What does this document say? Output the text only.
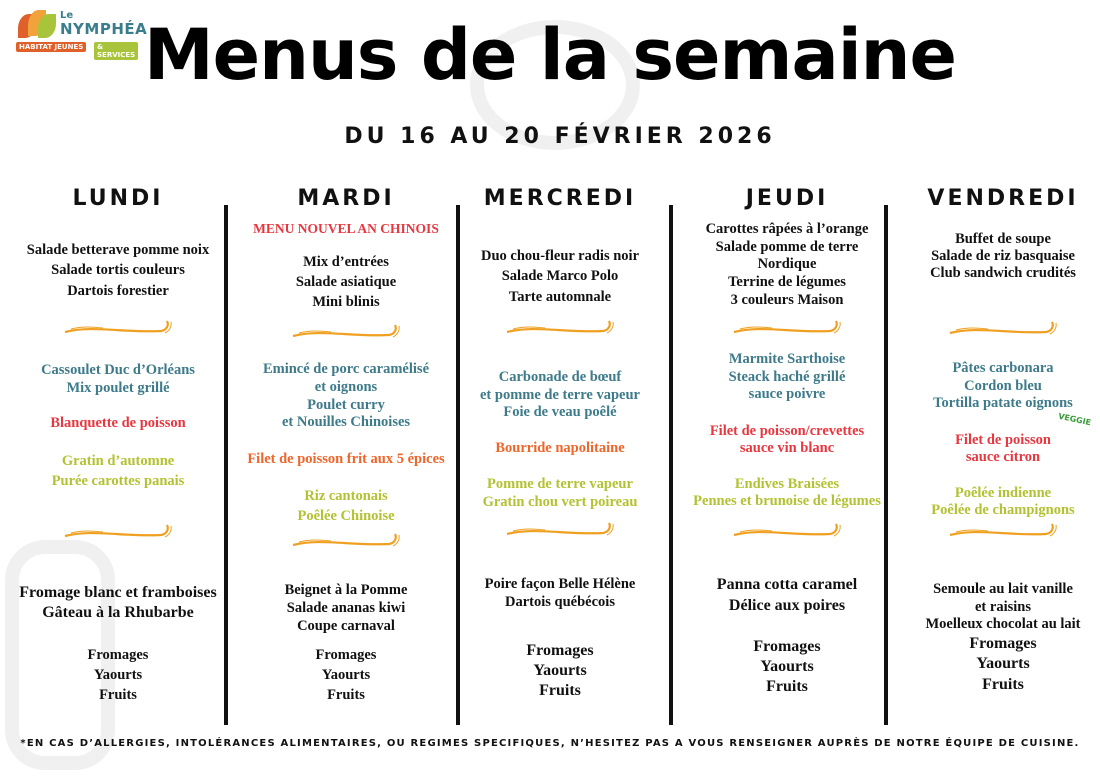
Le
NYMPHÉA
HABITAT JEUNES	& SERVICES Menus de la semaine
DU 16 AU 20 FÉVRIER 2026
LUNDI
Salade betterave pomme noix
Salade tortis couleurs
Dartois forestier
Cassoulet Duc d’Orléans
Mix poulet grillé
Blanquette de poisson
Gratin d’automne
Purée carottes panais
Fromage blanc et framboises
Gâteau à la Rhubarbe
Fromages
Yaourts
Fruits
MARDI
MENU NOUVEL AN CHINOIS
Mix d’entrées
Salade asiatique
Mini blinis
Emincé de porc caramélisé
et oignons
Poulet curry
et Nouilles Chinoises
Filet de poisson frit aux 5 épices
Riz cantonais
Poêlée Chinoise
Beignet à la Pomme
Salade ananas kiwi
Coupe carnaval
Fromages
Yaourts
Fruits
MERCREDI
Duo chou-fleur radis noir
Salade Marco Polo
Tarte automnale
Carbonade de bœuf
et pomme de terre vapeur
Foie de veau poêlé
Bourride napolitaine
Pomme de terre vapeur
Gratin chou vert poireau
Poire façon Belle Hélène
Dartois québécois
Fromages
Yaourts
Fruits
JEUDI
Carottes râpées à l’orange
Salade pomme de terre
Nordique
Terrine de légumes
3 couleurs Maison
Marmite Sarthoise
Steack haché grillé
sauce poivre
Filet de poisson/crevettes
sauce vin blanc
Endives Braisées
Pennes et brunoise de légumes
Panna cotta caramel
Délice aux poires
Fromages
Yaourts
Fruits
VENDREDI
Buffet de soupe
Salade de riz basquaise
Club sandwich crudités
Pâtes carbonara
Cordon bleu
Tortilla patate oignons
Filet de poisson
sauce citron
Poêlée indienne
Poêlée de champignons
Semoule au lait vanille
et raisins
Moelleux chocolat au lait
Fromages
Yaourts
Fruits
VEGGIE
*EN CAS D’ALLERGIES, INTOLÉRANCES ALIMENTAIRES, OU REGIMES SPECIFIQUES, N’HESITEZ PAS A VOUS RENSEIGNER AUPRÈS DE NOTRE ÉQUIPE DE CUISINE.
